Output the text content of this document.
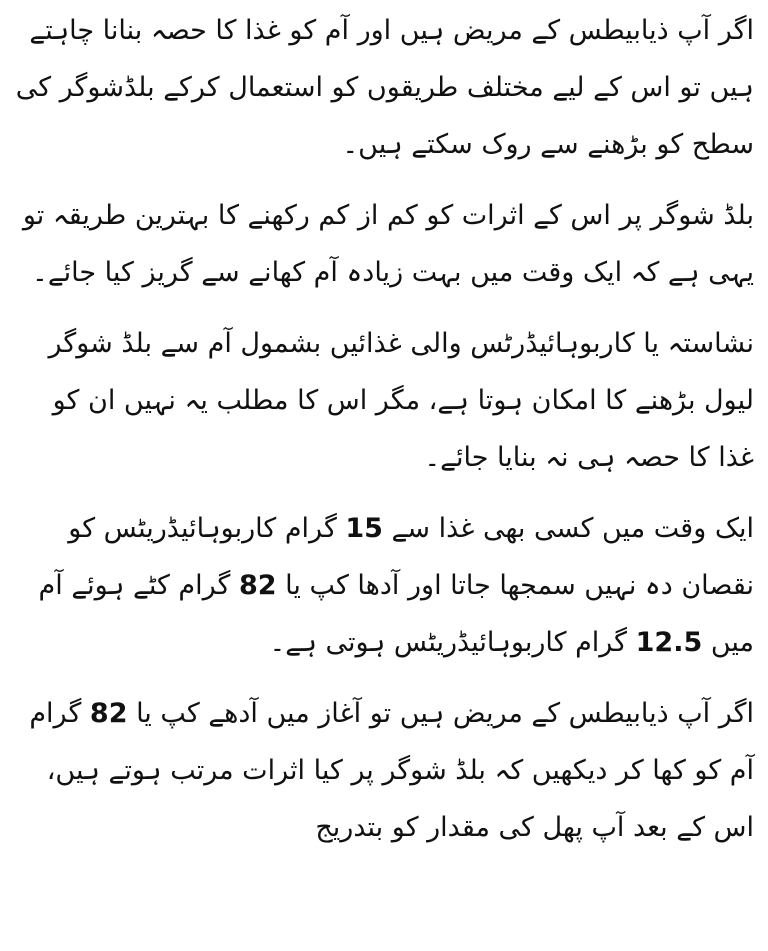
اگر آپ ذیابیطس کے مریض ہیں اور آم کو غذا کا حصہ بنانا چاہتے ہیں تو اس کے لیے مختلف طریقوں کو استعمال کرکے بلڈشوگر کی سطح کو بڑھنے سے روک سکتے ہیں۔

بلڈ شوگر پر اس کے اثرات کو کم از کم رکھنے کا بہترین طریقہ تو یہی ہے کہ ایک وقت میں بہت زیادہ آم کھانے سے گریز کیا جائے۔

نشاستہ یا کاربوہائیڈرٹس والی غذائیں بشمول آم سے بلڈ شوگر لیول بڑھنے کا امکان ہوتا ہے، مگر اس کا مطلب یہ نہیں ان کو غذا کا حصہ ہی نہ بنایا جائے۔

ایک وقت میں کسی بھی غذا سے 15 گرام کاربوہائیڈریٹس کو نقصان دہ نہیں سمجھا جاتا اور آدھا کپ یا 82 گرام کٹے ہوئے آم میں 12.5 گرام کاربوہائیڈریٹس ہوتی ہے۔

اگر آپ ذیابیطس کے مریض ہیں تو آغاز میں آدھے کپ یا 82 گرام آم کو کھا کر دیکھیں کہ بلڈ شوگر پر کیا اثرات مرتب ہوتے ہیں، اس کے بعد آپ پھل کی مقدار کو بتدریج
